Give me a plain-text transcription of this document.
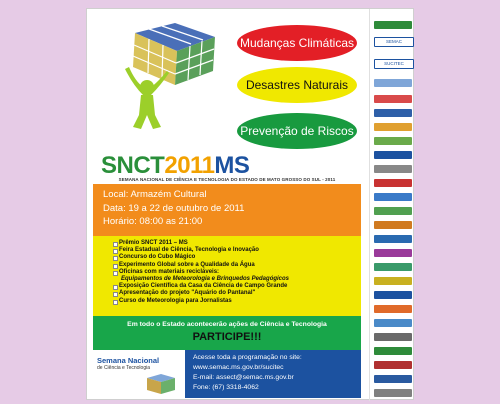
Mudanças Climáticas
Desastres Naturais
Prevenção de Riscos
SNCT2011MS
SEMANA NACIONAL DE CIÊNCIA E TECNOLOGIA DO ESTADO DE MATO GROSSO DO SUL - 2011
Local: Armazém Cultural
Data: 19 a 22 de outubro de 2011
Horário: 08:00 as 21:00
Prêmio SNCT 2011 – MS
Feira Estadual de Ciência, Tecnologia e Inovação
Concurso do Cubo Mágico
Experimento Global sobre a Qualidade da Água
Oficinas com materiais recicláveis:
Equipamentos de Meteorologia e Brinquedos Pedagógicos
Exposição Científica da Casa da Ciência de Campo Grande
Apresentação do projeto "Aquário do Pantanal"
Curso de Meteorologia para Jornalistas
Em todo o Estado acontecerão ações de Ciência e Tecnologia
PARTICIPE!!!
Semana Nacional
de Ciência e Tecnologia
Acesse toda a programação no site:
www.semac.ms.gov.br/sucitec
E-mail: assect@semac.ms.gov.br
Fone: (67) 3318-4062
SEMAC
SUCITEC
